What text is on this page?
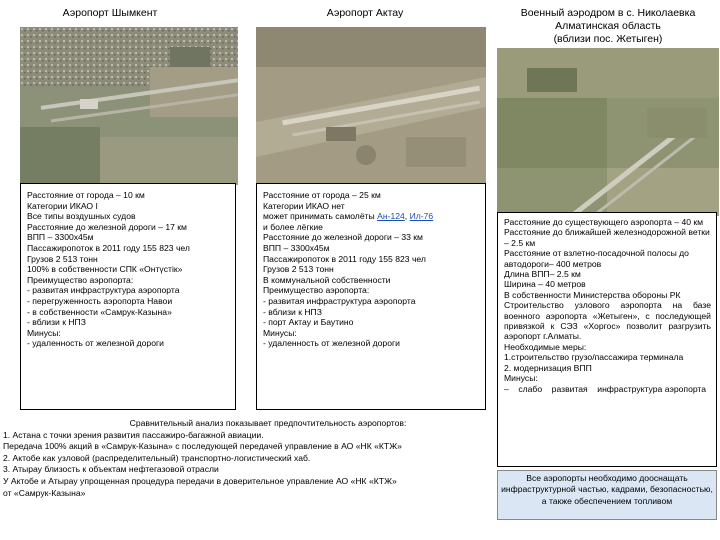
Аэропорт Шымкент	Аэропорт Актау	Военный аэродром в с. Николаевка
Алматинская область
(вблизи пос. Жетыген)
Расстояние от города – 10 км
Категории ИКАО I
Все типы воздушных судов
Расстояние до железной дороги – 17 км
ВПП – 3300х45м
Пассажиропоток в 2011 году 155 823 чел
Грузов 2 513 тонн
100% в собственности СПК «Онтүстік»
Преимущество аэропорта:
- развитая инфраструктура аэропорта
- перегруженность аэропорта Навои
- в собственности «Самрук-Казына»
- вблизи к НПЗ
Минусы:
- удаленность от железной дороги
Расстояние от города – 25 км
Категории ИКАО нет
может принимать самолёты Ан-124, Ил-76
и более лёгкие
Расстояние до железной дороги – 33 км
ВПП – 3300х45м
Пассажиропоток в 2011 году 155 823 чел
Грузов 2 513 тонн
В коммунальной собственности
Преимущество аэропорта:
- развитая инфраструктура аэропорта
- вблизи к НПЗ
- порт Актау и Баутино
Минусы:
- удаленность от железной дороги
Расстояние до существующего аэропорта – 40 км
Расстояние до ближайшей железнодорожной ветки – 2.5 км
Расстояние от взлетно-посадочной полосы до автодороги– 400 метров
Длина ВПП– 2.5 км
Ширина – 40 метров
В собственности Министерства обороны РК
Строительство узлового аэропорта на базе военного аэропорта «Жетыген», с последующей привязкой к СЭЗ «Хоргос» позволит разгрузить аэропорт г.Алматы.
Необходимые меры:
1.строительство грузо/пассажира терминала
2. модернизация ВПП
Минусы:
–    слабо    развитая    инфраструктура аэропорта
Все аэропорты необходимо дооснащать инфраструктурной частью, кадрами, безопасностью, а также обеспечением топливом
Сравнительный анализ показывает предпочтительность аэропортов:
1. Астана с точки зрения развития пассажиро-багажной авиации.
Передача 100% акций в «Самрук-Казына» с последующей передачей управление в АО «НК «КТЖ»
2. Актобе как узловой (распределительный) транспортно-логистический хаб.
3. Атырау близость к объектам нефтегазовой отрасли
У Актобе и Атырау упрощенная процедура передачи в доверительное управление АО «НК «КТЖ»
от «Самрук-Казына»
